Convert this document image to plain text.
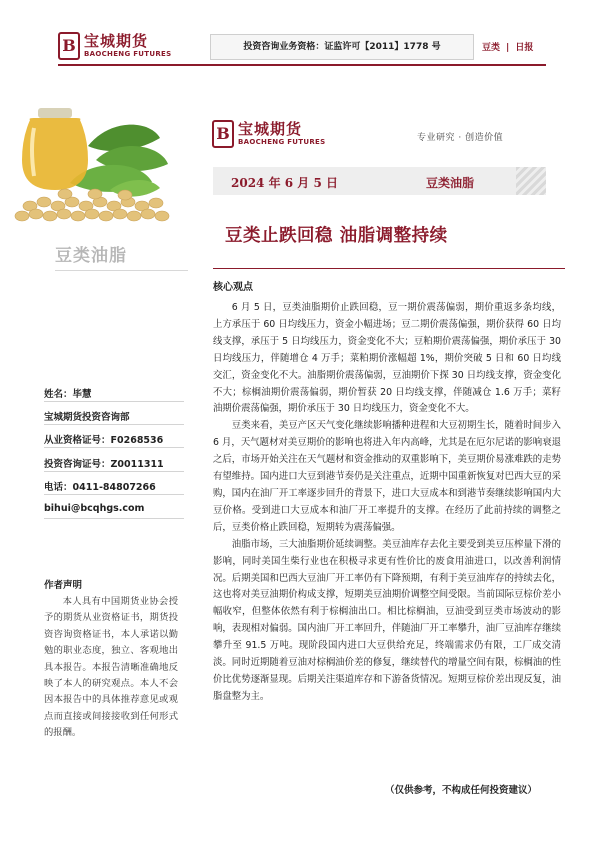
B 宝城期货
BAOCHENG FUTURES
投资咨询业务资格：证监许可【2011】1778 号	豆类 | 日报
豆类油脂
姓名：毕慧
宝城期货投资咨询部
从业资格证号：F0268536
投资咨询证号：Z0011311
电话：0411-84807266
bihui@bcqhgs.com
作者声明
本人具有中国期货业协会授予的期货从业资格证书，期货投资咨询资格证书，本人承诺以勤勉的职业态度，独立、客观地出具本报告。本报告清晰准确地反映了本人的研究观点。本人不会因本报告中的具体推荐意见或观点而直接或间接接收到任何形式的报酬。
B 宝城期货
BAOCHENG FUTURES	专业研究 · 创造价值
2024 年 6 月 5 日	豆类油脂
豆类止跌回稳 油脂调整持续
核心观点

6 月 5 日，豆类油脂期价止跌回稳，豆一期价震荡偏弱，期价重返多条均线，上方承压于 60 日均线压力，资金小幅进场；豆二期价震荡偏强，期价获得 60 日均线支撑，承压于 5 日均线压力，资金变化不大；豆粕期价震荡偏强，期价承压于 30 日均线压力，伴随增仓 4 万手；菜粕期价涨幅超 1%，期价突破 5 日和 60 日均线交汇，资金变化不大。油脂期价震荡偏弱，豆油期价下探 30 日均线支撑，资金变化不大；棕榈油期价震荡偏弱，期价暂获 20 日均线支撑，伴随减仓 1.6 万手；菜籽油期价震荡偏强，期价承压于 30 日均线压力，资金变化不大。

豆类来看，美豆产区天气变化继续影响播种进程和大豆初期生长，随着时间步入 6 月，天气题材对美豆期价的影响也将进入年内高峰，尤其是在厄尔尼诺的影响衰退之后，市场开始关注在天气题材和资金推动的双重影响下，美豆期价易涨难跌的走势有望维持。国内进口大豆到港节奏仍是关注重点，近期中国重新恢复对巴西大豆的采购，国内在油厂开工率逐步回升的背景下，进口大豆成本和到港节奏继续影响国内大豆价格。受到进口大豆成本和油厂开工率提升的支撑。在经历了此前持续的调整之后，豆类价格止跌回稳，短期转为震荡偏强。

油脂市场，三大油脂期价延续调整。美豆油库存去化主要受到美豆压榨量下滑的影响，同时美国生柴行业也在积极寻求更有性价比的废食用油进口，以改善利润情况。后期美国和巴西大豆油厂开工率仍有下降预期，有利于美豆油库存的持续去化，这也将对美豆油期价构成支撑，短期美豆油期价调整空间受限。当前国际豆棕价差小幅收窄，但整体依然有利于棕榈油出口。相比棕榈油，豆油受到豆类市场波动的影响，表现相对偏弱。国内油厂开工率回升，伴随油厂开工率攀升，油厂豆油库存继续攀升至 91.5 万吨。现阶段国内进口大豆供给充足，终端需求仍有限，工厂成交清淡。同时近期随着豆油对棕榈油价差的修复，继续替代的增量空间有限，棕榈油的性价比优势逐渐显现。后期关注渠道库存和下游备货情况。短期豆棕价差出现反复，油脂盘整为主。

（仅供参考，不构成任何投资建议）
